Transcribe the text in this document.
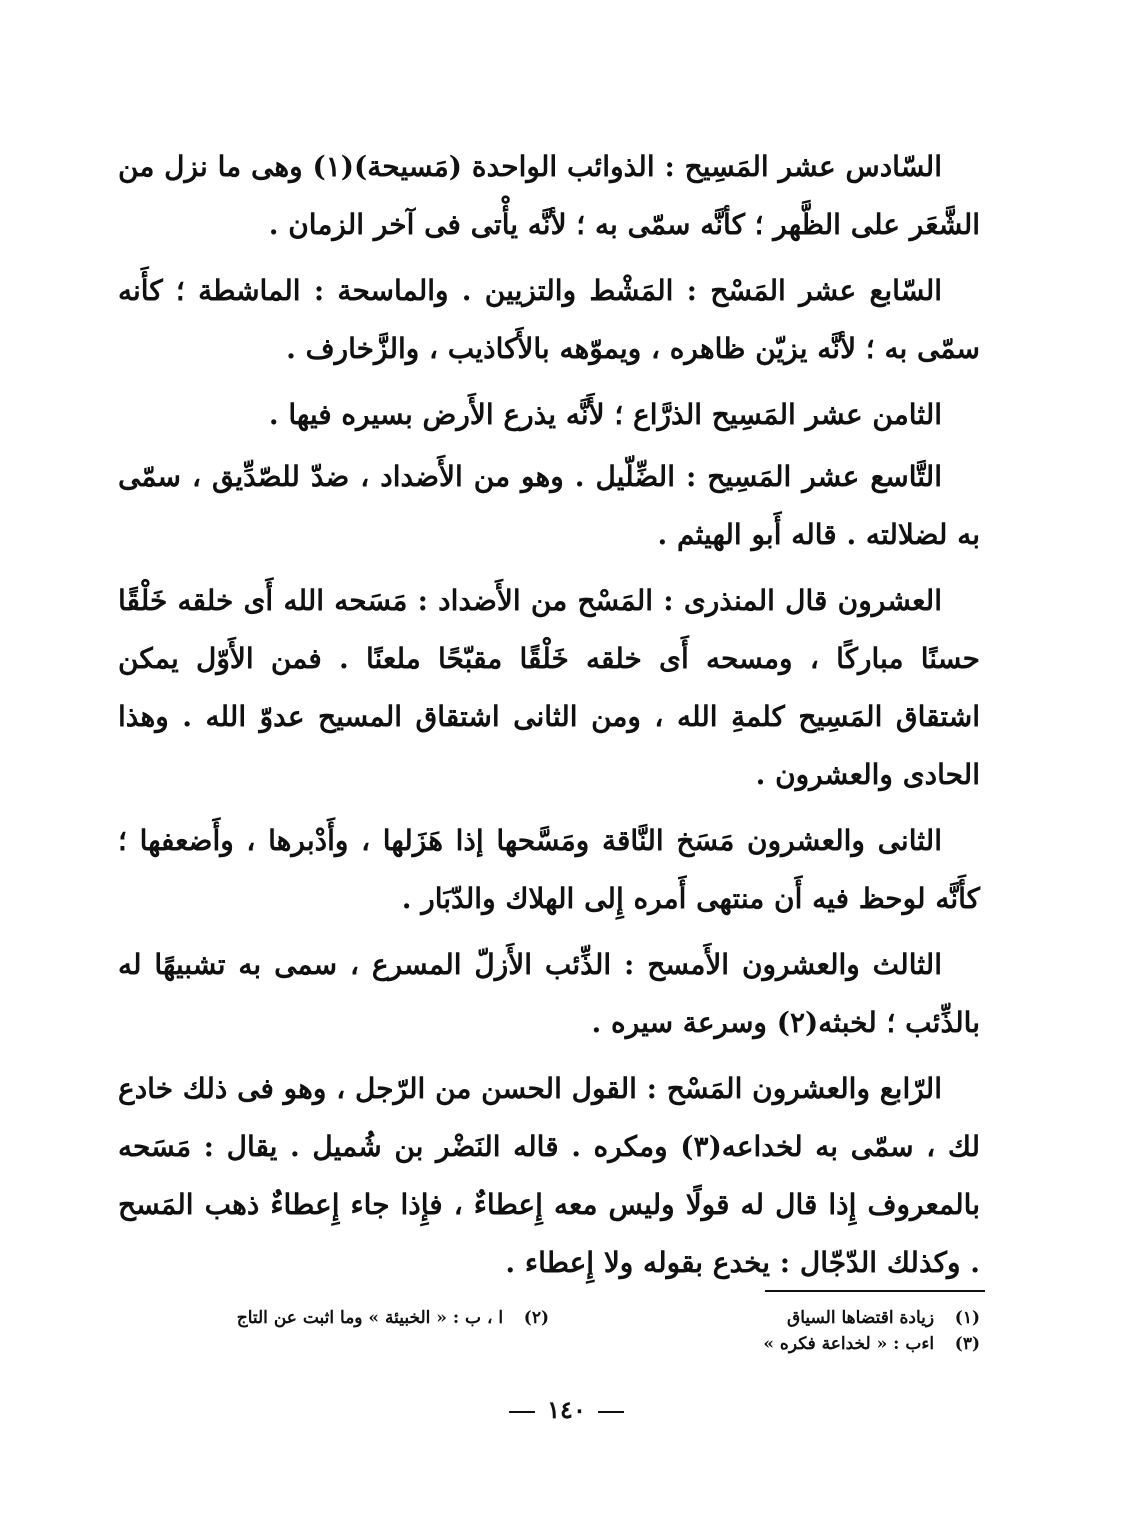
السّادس عشر المَسِيح : الذوائب الواحدة (مَسيحة)(١) وهى ما نزل من الشَّعَر على الظَّهر ؛ كأنَّه سمّى به ؛ لأنَّه يأْتى فى آخر الزمان .

السّابع عشر المَسْح : المَشْط والتزيين . والماسحة : الماشطة ؛ كأَنه سمّى به ؛ لأنَّه يزيّن ظاهره ، ويموّهه بالأَكاذيب ، والزَّخارف .

الثامن عشر المَسِيح الذرَّاع ؛ لأَنَّه يذرع الأَرض بسيره فيها .

التَّاسع عشر المَسِيح : الضِّلّيل . وهو من الأَضداد ، ضدّ للصّدِّيق ، سمّى به لضلالته . قاله أَبو الهيثم .

العشرون قال المنذرى : المَسْح من الأَضداد : مَسَحه الله أَى خلقه خَلْقًا حسنًا مباركًا ، ومسحه أَى خلقه خَلْقًا مقبّحًا ملعنًا . فمن الأَوّل يمكن اشتقاق المَسِيح كلمةِ الله ، ومن الثانى اشتقاق المسيح عدوّ الله . وهذا الحادى والعشرون .

الثانى والعشرون مَسَخ النَّاقة ومَسَّحها إذا هَزَلها ، وأَدْبرها ، وأَضعفها ؛ كأَنَّه لوحظ فيه أَن منتهى أَمره إِلى الهلاك والدّبَار .

الثالث والعشرون الأَمسح : الذِّئب الأَزلّ المسرع ، سمى به تشبيهًا له بالذِّئب ؛ لخبثه(٢) وسرعة سيره .

الرّابع والعشرون المَسْح : القول الحسن من الرّجل ، وهو فى ذلك خادع لك ، سمّى به لخداعه(٣) ومكره . قاله النَضْر بن شُميل . يقال : مَسَحه بالمعروف إِذا قال له قولًا وليس معه إِعطاءٌ ، فإِذا جاء إِعطاءٌ ذهب المَسح . وكذلك الدّجّال : يخدع بقوله ولا إِعطاء .

(١) زيادة اقتضاها السياق
(٢) ا ، ب : « الخبيئة » وما اثبت عن التاج
(٣) اءب : « لخداعة فكره »
١٤٠
